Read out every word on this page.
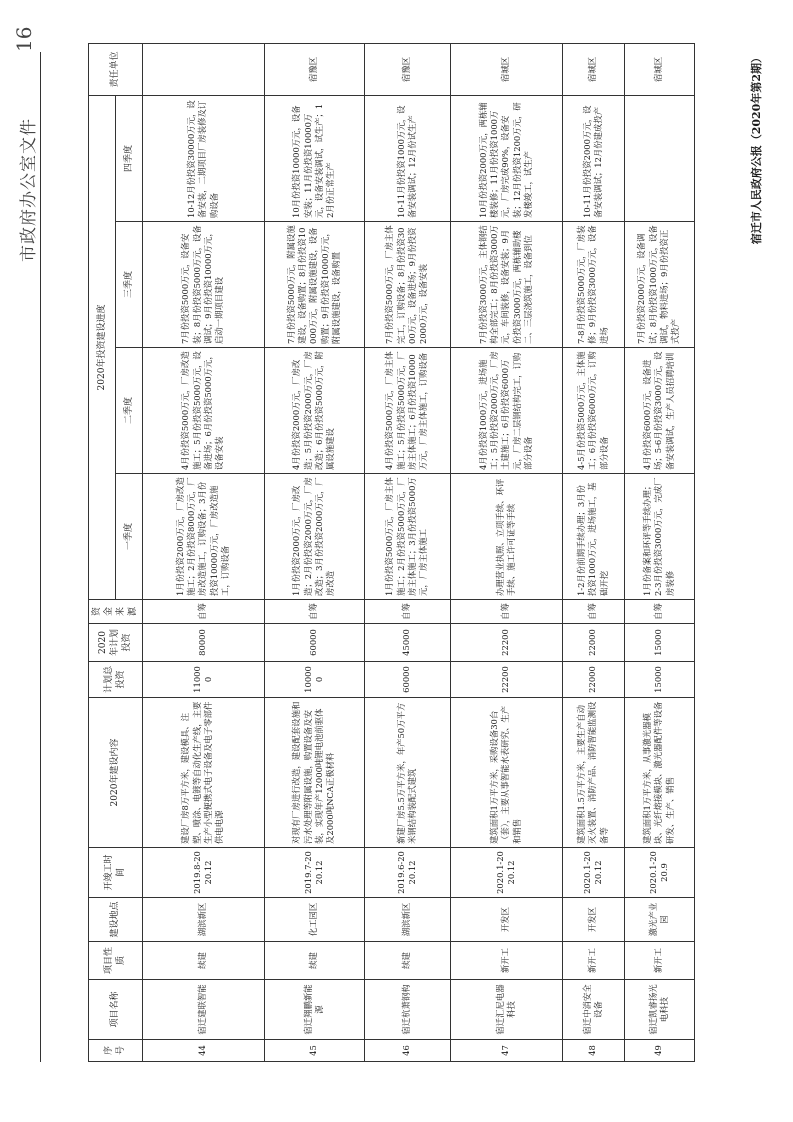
市政府办公室文件
16
序号	项目名称	项目性质	建设地点	开竣工时间	2020年建设内容	计划总投资	2020年计划投资	资金来源	2020年投资建设进度				责任单位
									一季度	二季度	三季度	四季度	
44	宿迁建联智能	续建	湖滨新区	2019.8-2020.12	建设厂房8万平方米，建设模具、注塑、喷涂、电镀等自动化生产线，主要生产小型便携式电子设备及电子零部件供电电源	110000	80000	自筹	1月份投资2000万元，厂房改造施工；2月份投资8000万元，厂房改造施工，订购设备；3月份投资10000万元，厂房改造施工，订购设备	4月份投资5000万元，厂房改造施工；5月份投资5000万元，设备进场；6月份投资5000万元，设备安装	7月份投资5000万元，设备安装；8月份投资5000万元，设备调试；9月份投资10000万元，启动一期项目建设	10-12月份投资30000万元，设备安装，二期项目厂房装修及订购设备	
45	宿迁翔鹏新能源	续建	化工园区	2019.7-2020.12	对现有厂房进行改造，建设配套设施和污水处理等附属设施，购置设备及安装，实现年产12000吨锂电池前驱体及2000吨NCA正极材料	100000	60000	自筹	1月份投资2000万元，厂房改造；2月份投资2000万元，厂房改造；3月份投资2000万元，厂房改造	4月份投资2000万元，厂房改造；5月份投资2000万元，厂房改造；6月份投资5000万元，附属设施建设	7月份投资5000万元，附属设施建设，设备购置；8月份投资10000万元，附属设施建设，设备购置；9月份投资10000万元，附属设施建设，设备购置	10月份投资10000万元，设备安装；11月份投资10000万元，设备安装调试，试生产；12月份正常生产	宿豫区
46	宿迁杭萧钢构	续建	湖滨新区	2019.6-2020.12	新建厂房5.5万平方米，年产50万平方米钢结构装配式建筑	60000	45000	自筹	1月份投资5000万元，厂房主体施工；2月份投资5000万元，厂房主体施工；3月份投资5000万元，厂房主体施工	4月份投资5000万元，厂房主体施工；5月份投资5000万元，厂房主体施工；6月份投资10000万元，厂房主体施工，订购设备	7月份投资5000万元，厂房主体完工，订购设备；8月份投资3000万元，设备进场；9月份投资2000万元，设备安装	10-11月份投资1000万元，设备安装调试；12月份试生产	宿豫区
47	宿迁汇尼电器科技	新开工	开发区	2020.1-2020.12	建筑面积1万平方米，采购设备30台（套），主要从事智能水表研究、生产和销售	22200	22200	自筹	办理营业执照、立项手续、环评手续、施工许可证等手续	4月份投资1000万元，进场施工；5月份投资2000万元，厂房土建施工；6月份投资6000万元，厂房二层钢结构完工，订购部分设备	7月份投资3000万元，主体钢结构全部完工；8月份投资3000万元，车间装修，设备安装；9月份投资3000万元，两栋辅助楼二、三层浇筑施工，设备到位	10月份投资2000万元，两栋辅楼装修；11月份投资1000万元，厂房完成90%，设备安装；12月份投资1200万元，研发楼竣工，试生产	宿城区
48	宿迁中消安全设备	新开工	开发区	2020.1-2020.12	建筑面积1.5万平方米，主要生产自动灭火装置、消防产品、消防智能监测设备等	22000	22000	自筹	1-2月份前期手续办理；3月份投资1000万元，进场施工，基础开挖	4-5月份投资5000万元，主体施工；6月份投资6000万元，订购部分设备	7-8月份投资5000万元，厂房装修；9月份投资3000万元，设备进场	10-11月份投资2000万元，设备安装调试；12月份建成投产	宿城区
49	宿迁凯睿扬光电科技	新开工	激光产业园	2020.1-2020.9	建筑面积1万平方米，从事激光器模块、光纤熔接模块、激光器配件等设备研发、生产、销售	15000	15000	自筹	1月份备案和环评等手续办理；2-3月份投资3000万元，完成厂房装修	4月份投资6000万元，设备进场；5-6月份投资3000万元，设备安装调试，生产人员招聘培训	7月份投资2000万元，设备调试；8月份投资1000万元，设备调试，物料进场；9月份投资正式投产		宿城区	宿迁市人民政府公报（2020年第2期）
